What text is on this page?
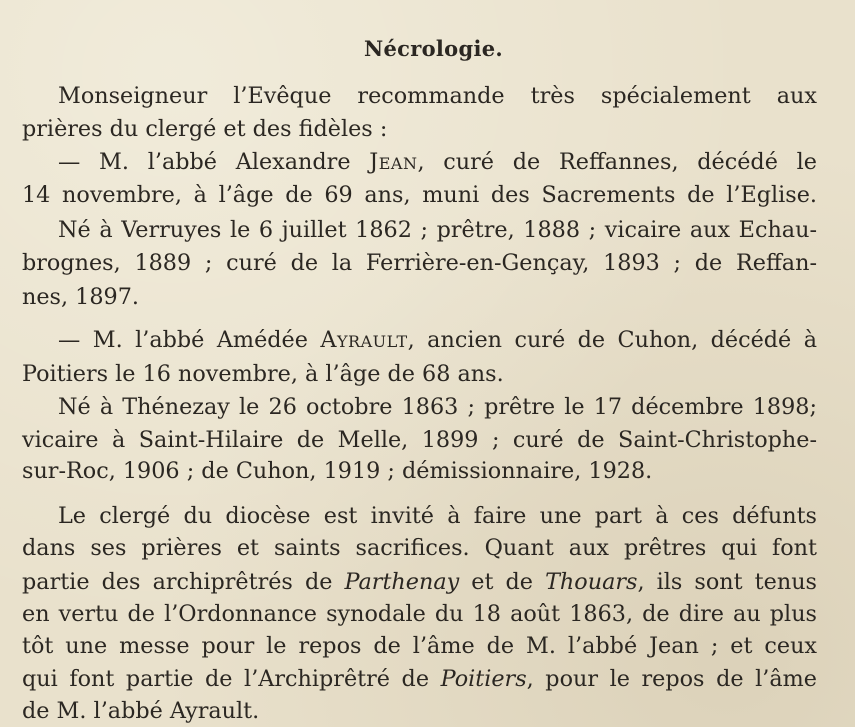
Nécrologie.
Monseigneur l’Evêque recommande très spécialement aux
prières du clergé et des fidèles :
— M. l’abbé Alexandre Jean, curé de Reffannes, décédé le
14 novembre, à l’âge de 69 ans, muni des Sacrements de l’Eglise.
Né à Verruyes le 6 juillet 1862 ; prêtre, 1888 ; vicaire aux Echau-
brognes, 1889 ; curé de la Ferrière-en-Gençay, 1893 ; de Reffan-
nes, 1897.
— M. l’abbé Amédée Ayrault, ancien curé de Cuhon, décédé à
Poitiers le 16 novembre, à l’âge de 68 ans.
Né à Thénezay le 26 octobre 1863 ; prêtre le 17 décembre 1898;
vicaire à Saint-Hilaire de Melle, 1899 ; curé de Saint-Christophe-
sur-Roc, 1906 ; de Cuhon, 1919 ; démissionnaire, 1928.
Le clergé du diocèse est invité à faire une part à ces défunts
dans ses prières et saints sacrifices. Quant aux prêtres qui font
partie des archiprêtrés de Parthenay et de Thouars, ils sont tenus
en vertu de l’Ordonnance synodale du 18 août 1863, de dire au plus
tôt une messe pour le repos de l’âme de M. l’abbé Jean ; et ceux
qui font partie de l’Archiprêtré de Poitiers, pour le repos de l’âme
de M. l’abbé Ayrault.
